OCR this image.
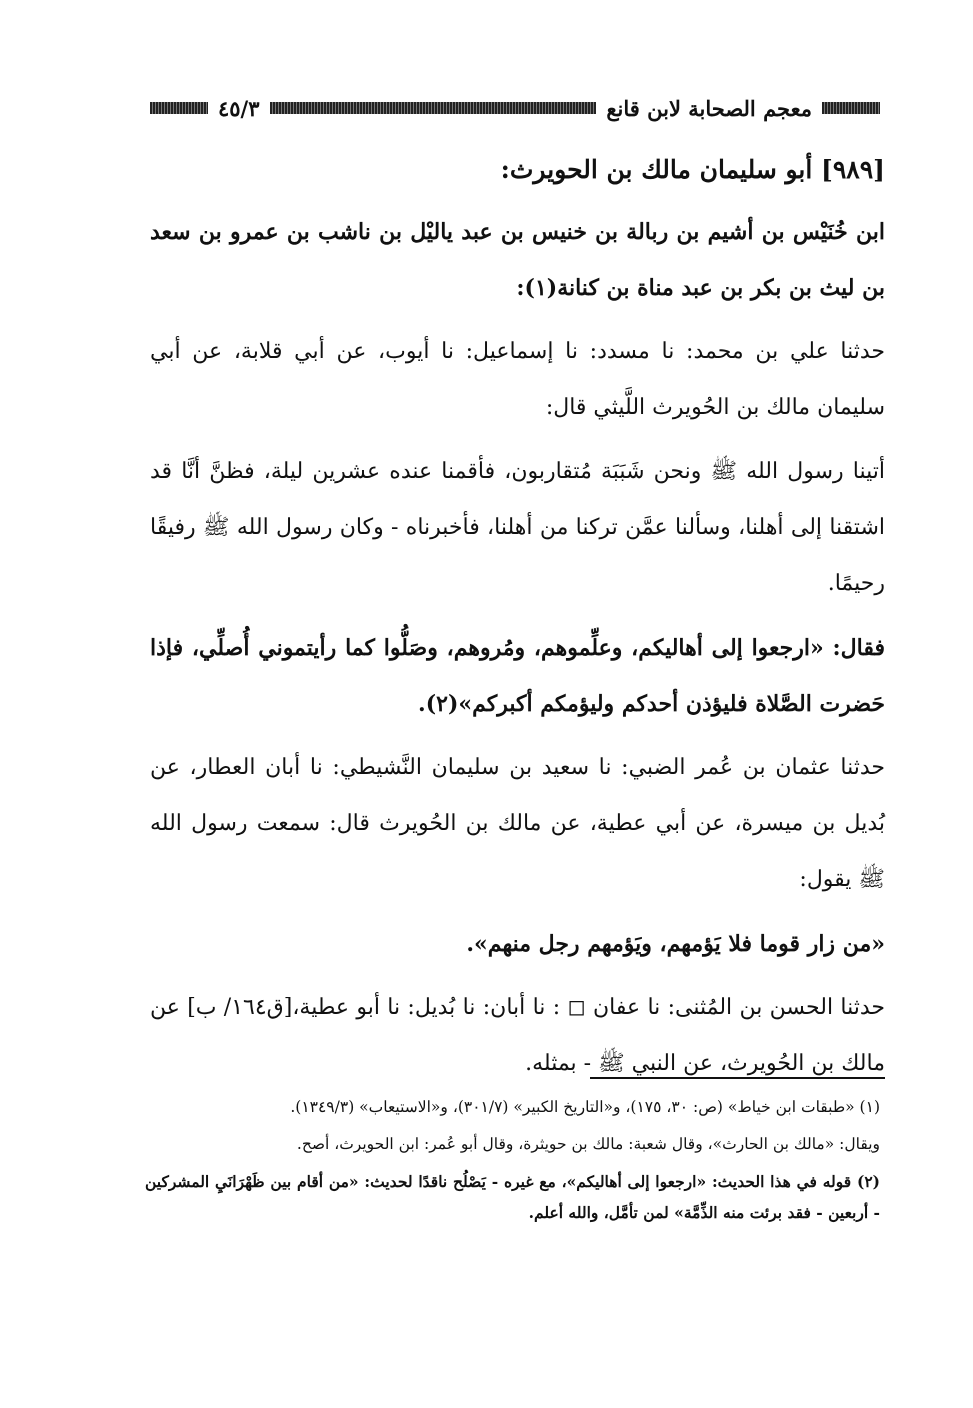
معجم الصحابة لابن قانع
٤٥/٣
[٩٨٩] أبو سليمان مالك بن الحويرث:
ابن خُنَيْس بن أشيم بن ربالة بن خنيس بن عبد ياليْل بن ناشب بن عمرو بن سعد بن ليث بن بكر بن عبد مناة بن كنانة(١):
حدثنا علي بن محمد: نا مسدد: نا إسماعيل: نا أيوب، عن أبي قلابة، عن أبي سليمان مالك بن الحُويرث اللَّيثي قال:
أتينا رسول الله ﷺ ونحن شَبَبَة مُتقاربون، فأقمنا عنده عشرين ليلة، فظنَّ أنَّا قد اشتقنا إلى أهلنا، وسألنا عمَّن تركنا من أهلنا، فأخبرناه - وكان رسول الله ﷺ رفيقًا رحيمًا.
فقال: «ارجعوا إلى أهاليكم، وعلِّموهم، ومُروهم، وصَلُّوا كما رأيتموني أُصلِّي، فإذا حَضرت الصَّلاة فليؤذن أحدكم وليؤمكم أكبركم»(٢).
حدثنا عثمان بن عُمر الضبي: نا سعيد بن سليمان النَّشيطي: نا أبان العطار، عن بُديل بن ميسرة، عن أبي عطية، عن مالك بن الحُويرث قال: سمعت رسول الله ﷺ يقول:
«من زار قوما فلا يَؤمهم، ويَؤمهم رجل منهم».
حدثنا الحسن بن المُثنى: نا عفان ◻ : نا أبان: نا بُديل: نا أبو عطية،[ق١٦٤/ ب] عن مالك بن الحُويرث، عن النبي ﷺ - بمثله.
(١) «طبقات ابن خياط» (ص: ٣٠، ١٧٥)، و«التاريخ الكبير» (٣٠١/٧)، و«الاستيعاب» (١٣٤٩/٣).
ويقال: «مالك بن الحارث»، وقال شعبة: مالك بن حويثرة، وقال أبو عُمر: ابن الحويرث، أصح.
(٢) قوله في هذا الحديث: «ارجعوا إلى أهاليكم»، مع غيره - يَصْلُح ناقدًا لحديث: «من أقام بين ظَهْرَانَيِ المشركين - أربعين - فقد برئت منه الذِّمَّة» لمن تأمَّل، والله أعلم.
